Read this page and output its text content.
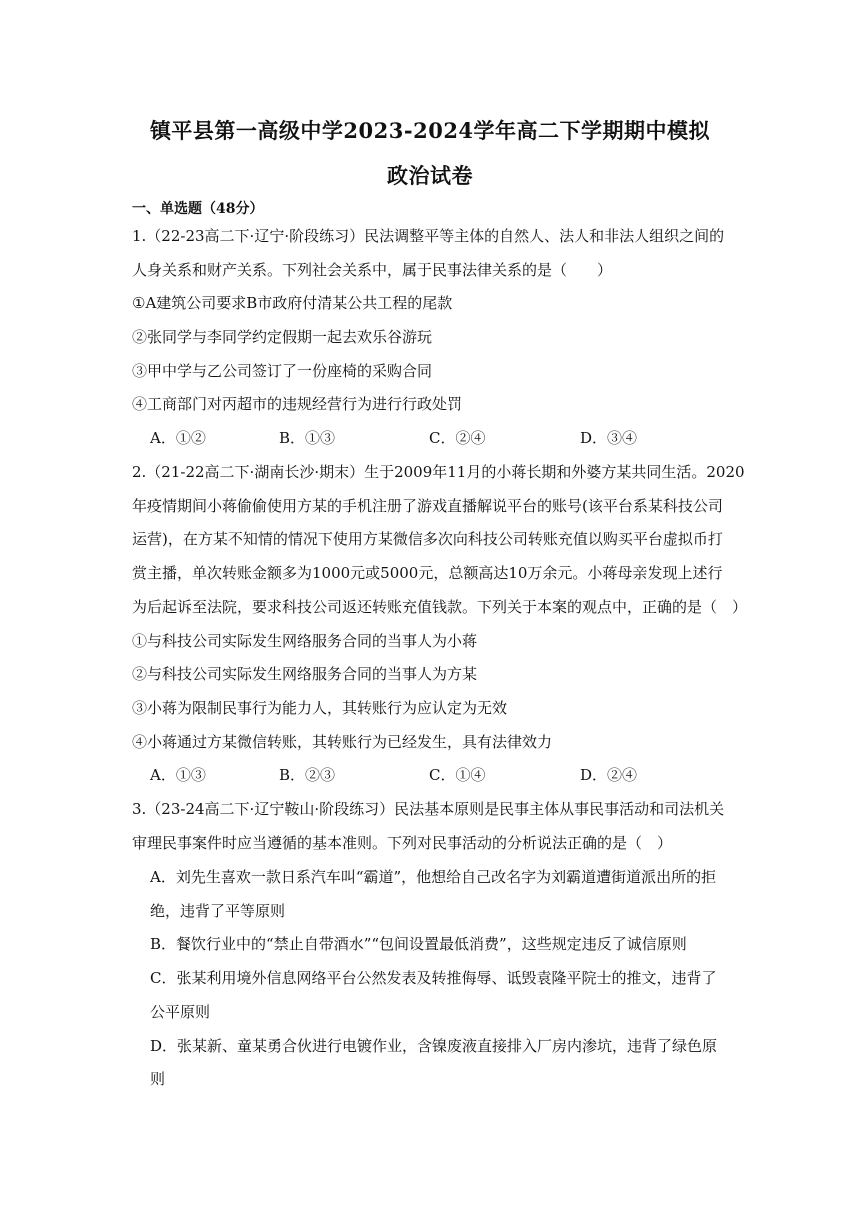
镇平县第一高级中学2023-2024学年高二下学期期中模拟
政治试卷
一、单选题（48分）
1.（22-23高二下·辽宁·阶段练习）民法调整平等主体的自然人、法人和非法人组织之间的
人身关系和财产关系。下列社会关系中，属于民事法律关系的是（　　）
①A建筑公司要求B市政府付清某公共工程的尾款
②张同学与李同学约定假期一起去欢乐谷游玩
③甲中学与乙公司签订了一份座椅的采购合同
④工商部门对丙超市的违规经营行为进行行政处罚
A．①②	B．①③	C．②④	D．③④
2.（21-22高二下·湖南长沙·期末）生于2009年11月的小蒋长期和外婆方某共同生活。2020
年疫情期间小蒋偷偷使用方某的手机注册了游戏直播解说平台的账号(该平台系某科技公司
运营)，在方某不知情的情况下使用方某微信多次向科技公司转账充值以购买平台虚拟币打
赏主播，单次转账金额多为1000元或5000元，总额高达10万余元。小蒋母亲发现上述行
为后起诉至法院，要求科技公司返还转账充值钱款。下列关于本案的观点中，正确的是（　）
①与科技公司实际发生网络服务合同的当事人为小蒋
②与科技公司实际发生网络服务合同的当事人为方某
③小蒋为限制民事行为能力人，其转账行为应认定为无效
④小蒋通过方某微信转账，其转账行为已经发生，具有法律效力
A．①③	B．②③	C．①④	D．②④
3.（23-24高二下·辽宁鞍山·阶段练习）民法基本原则是民事主体从事民事活动和司法机关
审理民事案件时应当遵循的基本准则。下列对民事活动的分析说法正确的是（　）
A．刘先生喜欢一款日系汽车叫“霸道”，他想给自己改名字为刘霸道遭街道派出所的拒
绝，违背了平等原则
B．餐饮行业中的“禁止自带酒水”“包间设置最低消费”，这些规定违反了诚信原则
C．张某利用境外信息网络平台公然发表及转推侮辱、诋毁袁隆平院士的推文，违背了
公平原则
D．张某新、童某勇合伙进行电镀作业，含镍废液直接排入厂房内渗坑，违背了绿色原
则
